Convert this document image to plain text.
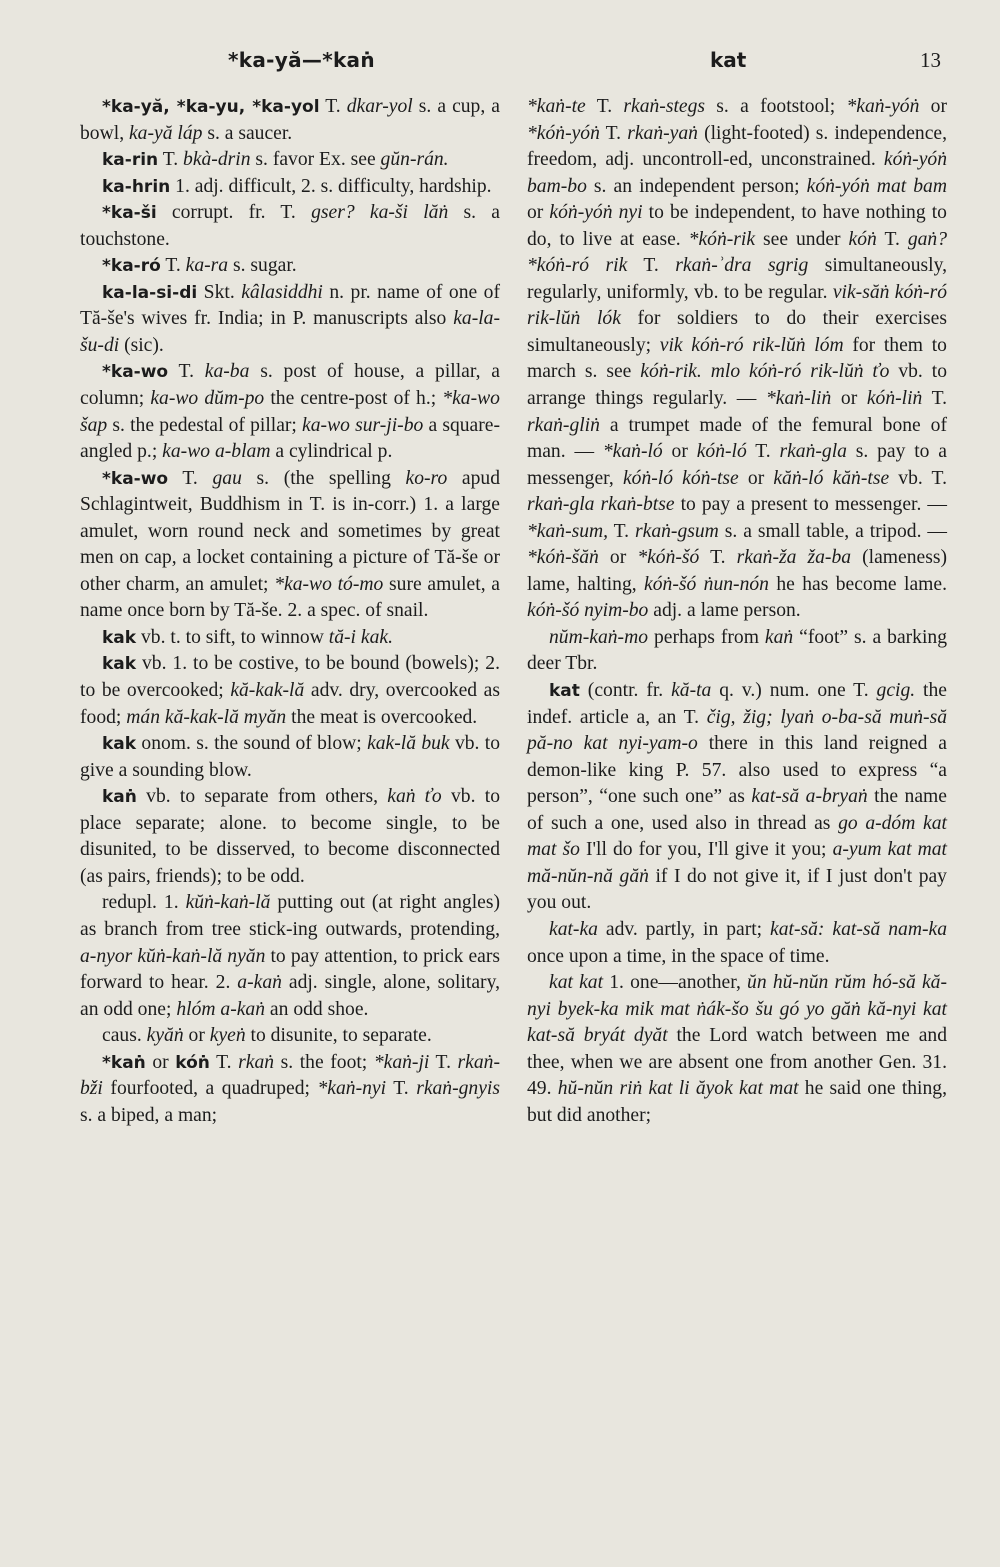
*ka-yă—*kaṅ	kat	13

*ka-yă, *ka-yu, *ka-yol T. dkar-yol s. a cup, a bowl, ka-yă láp s. a saucer.

ka-rin T. bkà-drin s. favor Ex. see gŭn-rán.

ka-hrin 1. adj. difficult, 2. s. difficulty, hardship.

*ka-ši corrupt. fr. T. gser? ka-ši lăṅ s. a touchstone.

*ka-ró T. ka-ra s. sugar.

ka-la-si-di Skt. kâlasiddhi n. pr. name of one of Tă-še's wives fr. India; in P. manuscripts also ka-la-šu-di (sic).

*ka-wo T. ka-ba s. post of house, a pillar, a column; ka-wo dŭm-po the centre-post of h.; *ka-wo šap s. the pedestal of pillar; ka-wo sur-ji-bo a square-angled p.; ka-wo a-blam a cylindrical p.

*ka-wo T. gau s. (the spelling ko-ro apud Schlagintweit, Buddhism in T. is in-corr.) 1. a large amulet, worn round neck and sometimes by great men on cap, a locket containing a picture of Tă-še or other charm, an amulet; *ka-wo tó-mo sure amulet, a name once born by Tă-še. 2. a spec. of snail.

kak vb. t. to sift, to winnow tă-i kak.

kak vb. 1. to be costive, to be bound (bowels); 2. to be overcooked; kă-kak-lă adv. dry, overcooked as food; mán kă-kak-lă myăn the meat is overcooked.

kak onom. s. the sound of blow; kak-lă buk vb. to give a sounding blow.

kaṅ vb. to separate from others, kaṅ ťo vb. to place separate; alone. to become single, to be disunited, to be disserved, to become disconnected (as pairs, friends); to be odd.

redupl. 1. kŭṅ-kaṅ-lă putting out (at right angles) as branch from tree stick-ing outwards, protending, a-nyor kŭṅ-kaṅ-lă nyăn to pay attention, to prick ears forward to hear. 2. a-kaṅ adj. single, alone, solitary, an odd one; hlóm a-kaṅ an odd shoe.

caus. kyăṅ or kyeṅ to disunite, to separate.

*kaṅ or kóṅ T. rkaṅ s. the foot; *kaṅ-ji T. rkaṅ-bži fourfooted, a quadruped; *kaṅ-nyi T. rkaṅ-gnyis s. a biped, a man;

*kaṅ-te T. rkaṅ-stegs s. a footstool; *kaṅ-yóṅ or *kóṅ-yóṅ T. rkaṅ-yaṅ (light-footed) s. independence, freedom, adj. uncontroll-ed, unconstrained. kóṅ-yóṅ bam-bo s. an independent person; kóṅ-yóṅ mat bam or kóṅ-yóṅ nyi to be independent, to have nothing to do, to live at ease. *kóṅ-rik see under kóṅ T. gaṅ? *kóṅ-ró rik T. rkaṅ-ʾdra sgrig simultaneously, regularly, uniformly, vb. to be regular. vik-săṅ kóṅ-ró rik-lŭṅ lók for soldiers to do their exercises simultaneously; vik kóṅ-ró rik-lŭṅ lóm for them to march s. see kóṅ-rik. mlo kóṅ-ró rik-lŭṅ ťo vb. to arrange things regularly. — *kaṅ-liṅ or kóṅ-liṅ T. rkaṅ-gliṅ a trumpet made of the femural bone of man. — *kaṅ-ló or kóṅ-ló T. rkaṅ-gla s. pay to a messenger, kóṅ-ló kóṅ-tse or kăṅ-ló kăṅ-tse vb. T. rkaṅ-gla rkaṅ-btse to pay a present to messenger. — *kaṅ-sum, T. rkaṅ-gsum s. a small table, a tripod. — *kóṅ-šăṅ or *kóṅ-šó T. rkaṅ-ža ža-ba (lameness) lame, halting, kóṅ-šó ṅun-nón he has become lame. kóṅ-šó nyim-bo adj. a lame person.

nŭm-kaṅ-mo perhaps from kaṅ “foot” s. a barking deer Tbr.

kat (contr. fr. kă-ta q. v.) num. one T. gcig. the indef. article a, an T. čig, žig; lyaṅ o-ba-să muṅ-să pă-no kat nyi-yam-o there in this land reigned a demon-like king P. 57. also used to express “a person”, “one such one” as kat-să a-bryaṅ the name of such a one, used also in thread as go a-dóm kat mat šo I'll do for you, I'll give it you; a-yum kat mat mă-nŭn-nă găṅ if I do not give it, if I just don't pay you out.

kat-ka adv. partly, in part; kat-să: kat-să nam-ka once upon a time, in the space of time.

kat kat 1. one—another, ŭn hŭ-nŭn rŭm hó-să kă-nyi byek-ka mik mat ṅák-šo šu gó yo găṅ kă-nyi kat kat-să bryát dyăt the Lord watch between me and thee, when we are absent one from another Gen. 31. 49. hŭ-nŭn riṅ kat li ăyok kat mat he said one thing, but did another;
